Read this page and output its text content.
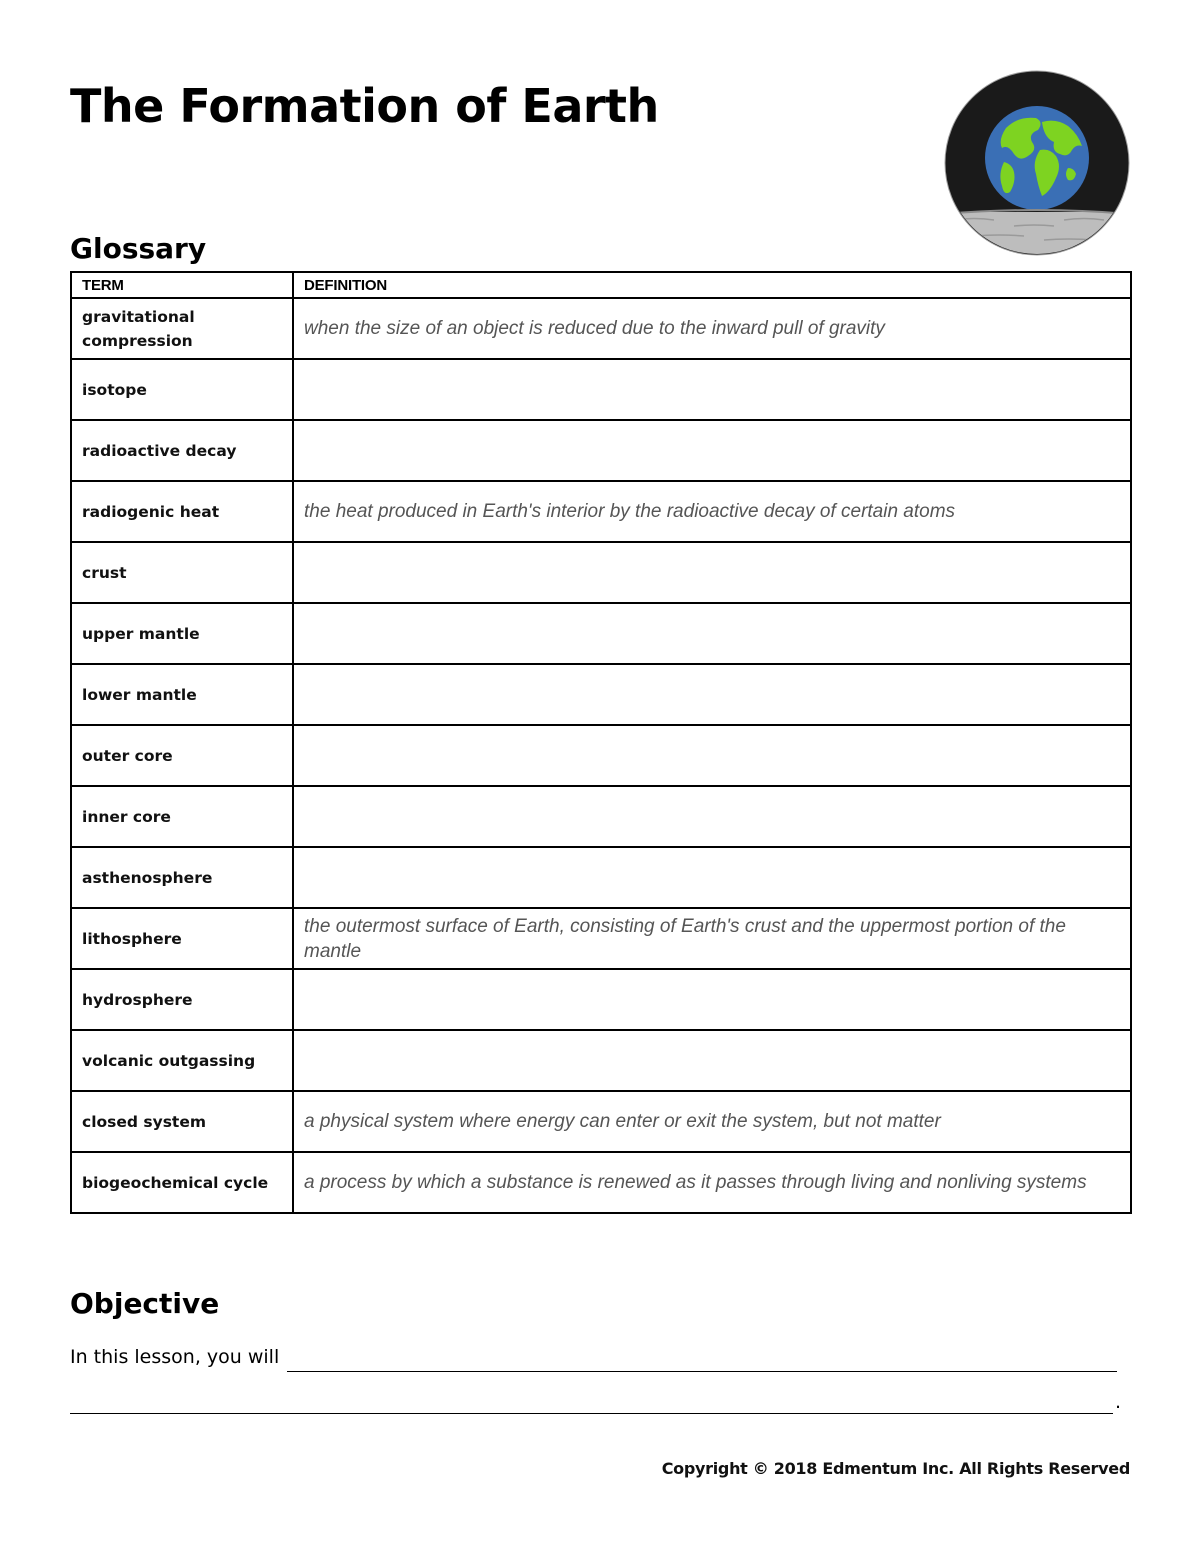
The Formation of Earth
Glossary
TERM	DEFINITION
gravitational compression	when the size of an object is reduced due to the inward pull of gravity
isotope	
radioactive decay	
radiogenic heat	the heat produced in Earth's interior by the radioactive decay of certain atoms
crust	
upper mantle	
lower mantle	
outer core	
inner core	
asthenosphere	
lithosphere	the outermost surface of Earth, consisting of Earth's crust and the uppermost portion of the mantle
hydrosphere	
volcanic outgassing	
closed system	a physical system where energy can enter or exit the system, but not matter
biogeochemical cycle	a process by which a substance is renewed as it passes through living and nonliving systems
Objective
In this lesson, you will
.

Copyright © 2018 Edmentum Inc. All Rights Reserved
